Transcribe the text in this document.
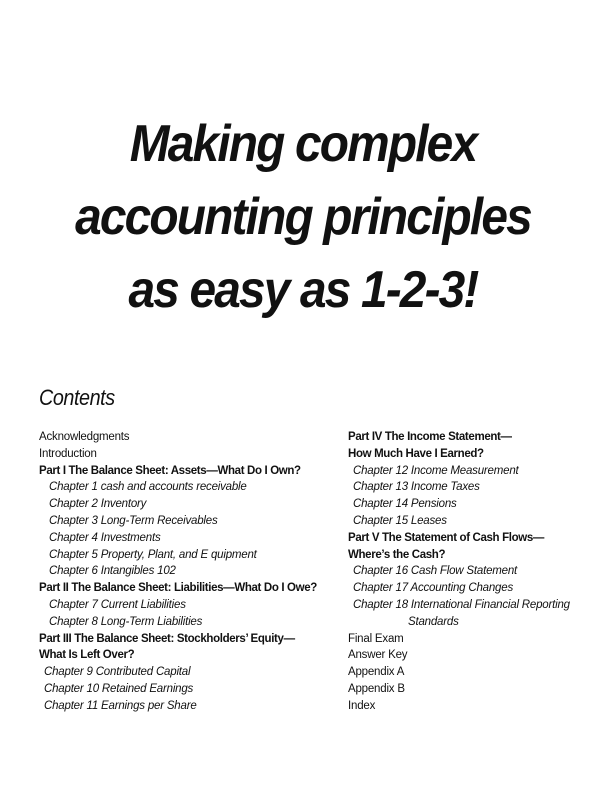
Making complex
accounting principles
as easy as 1-2-3!
Contents
Acknowledgments
Introduction
Part I The Balance Sheet: Assets—What Do I Own?
Chapter 1 cash and accounts receivable
Chapter 2 Inventory
Chapter 3 Long-Term Receivables
Chapter 4 Investments
Chapter 5 Property, Plant, and E quipment
Chapter 6 Intangibles 102
Part II The Balance Sheet: Liabilities—What Do I Owe?
Chapter 7 Current Liabilities
Chapter 8 Long-Term Liabilities
Part III The Balance Sheet: Stockholders’ Equity—
What Is Left Over?
Chapter 9 Contributed Capital
Chapter 10 Retained Earnings
Chapter 11 Earnings per Share
Part IV The Income Statement—
How Much Have I Earned?
Chapter 12 Income Measurement
Chapter 13 Income Taxes
Chapter 14 Pensions
Chapter 15 Leases
Part V The Statement of Cash Flows—
Where’s the Cash?
Chapter 16 Cash Flow Statement
Chapter 17 Accounting Changes
Chapter 18 International Financial Reporting
Standards
Final Exam
Answer Key
Appendix A
Appendix B
Index
